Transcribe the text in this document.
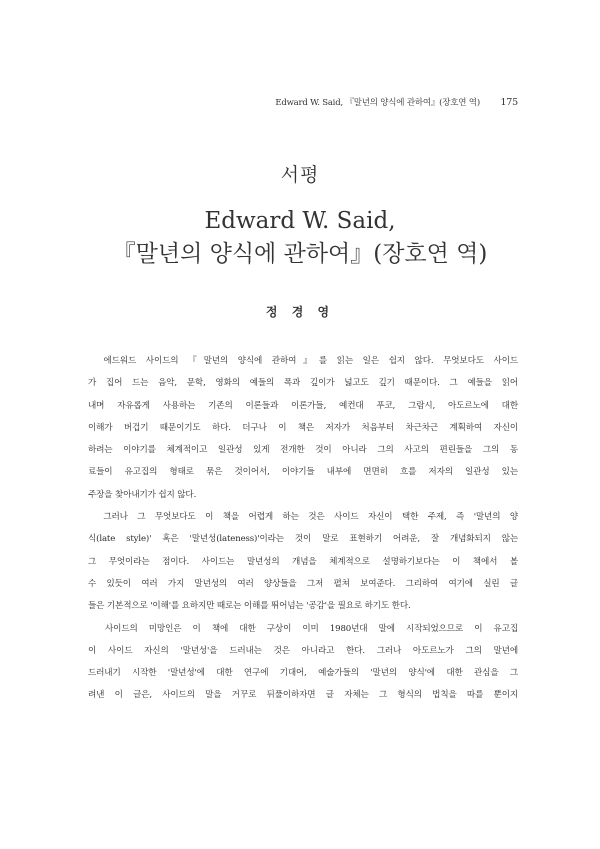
Edward W. Said, 『말년의 양식에 관하여』(장호연 역) 175
서평
Edward W. Said,
『말년의 양식에 관하여』(장호연 역)
정 경 영

　에드워드 사이드의 『말년의 양식에 관하여』를 읽는 일은 쉽지 않다. 무엇보다도 사이드
가 집어 드는 음악, 문학, 영화의 예들의 폭과 깊이가 넓고도 깊기 때문이다. 그 예들을 읽어
내며 자유롭게 사용하는 기존의 이론들과 이론가들, 예컨대 푸코, 그람시, 아도르노에 대한
이해가 버겁기 때문이기도 하다. 더구나 이 책은 저자가 처음부터 차근차근 계획하여 자신이
하려는 이야기를 체계적이고 일관성 있게 전개한 것이 아니라 그의 사고의 편린들을 그의 동
료들이 유고집의 형태로 묶은 것이어서, 이야기들 내부에 면면히 흐를 저자의 일관성 있는
주장을 찾아내기가 쉽지 않다.

　그러나 그 무엇보다도 이 책을 어렵게 하는 것은 사이드 자신이 택한 주제, 즉 '말년의 양
식(late style)' 혹은 '말년성(lateness)'이라는 것이 말로 표현하기 어려운, 잘 개념화되지 않는
그 무엇이라는 점이다. 사이드는 말년성의 개념을 체계적으로 설명하기보다는 이 책에서 볼
수 있듯이 여러 가지 말년성의 여러 양상들을 그저 펼쳐 보여준다. 그리하여 여기에 실린 글
들은 기본적으로 '이해'를 요하지만 때로는 이해를 뛰어넘는 '공감'을 필요로 하기도 한다.

　사이드의 미망인은 이 책에 대한 구상이 이미 1980년대 말에 시작되었으므로 이 유고집
이 사이드 자신의 '말년성'을 드러내는 것은 아니라고 한다. 그러나 아도르노가 그의 말년에
드러내기 시작한 '말년성'에 대한 연구에 기대어, 예술가들의 '말년의 양식'에 대한 관심을 그
려낸 이 글은, 사이드의 말을 거꾸로 뒤풀이하자면 글 자체는 그 형식의 법칙을 따를 뿐이지
